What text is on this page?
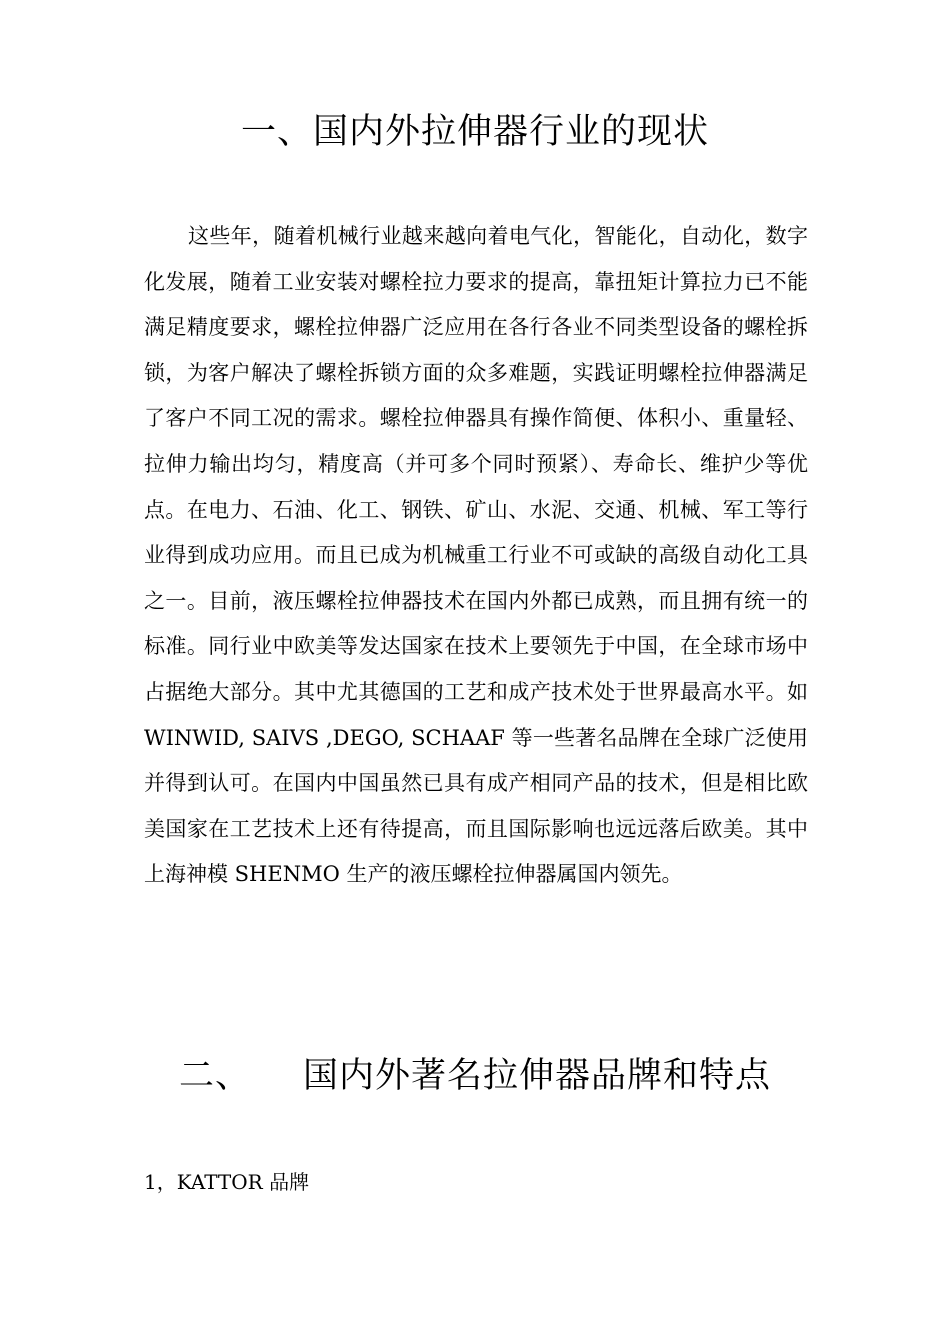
一、国内外拉伸器行业的现状

这些年，随着机械行业越来越向着电气化，智能化，自动化，数字化发展，随着工业安装对螺栓拉力要求的提高，靠扭矩计算拉力已不能满足精度要求，螺栓拉伸器广泛应用在各行各业不同类型设备的螺栓拆锁，为客户解决了螺栓拆锁方面的众多难题，实践证明螺栓拉伸器满足了客户不同工况的需求。螺栓拉伸器具有操作简便、体积小、重量轻、拉伸力输出均匀，精度高（并可多个同时预紧）、寿命长、维护少等优点。在电力、石油、化工、钢铁、矿山、水泥、交通、机械、军工等行业得到成功应用。而且已成为机械重工行业不可或缺的高级自动化工具之一。目前，液压螺栓拉伸器技术在国内外都已成熟，而且拥有统一的标准。同行业中欧美等发达国家在技术上要领先于中国，在全球市场中占据绝大部分。其中尤其德国的工艺和成产技术处于世界最高水平。如 WINWID, SAIVS ,DEGO, SCHAAF 等一些著名品牌在全球广泛使用并得到认可。在国内中国虽然已具有成产相同产品的技术，但是相比欧美国家在工艺技术上还有待提高，而且国际影响也远远落后欧美。其中上海神模 SHENMO 生产的液压螺栓拉伸器属国内领先。

二、 国内外著名拉伸器品牌和特点

1，KATTOR 品牌
